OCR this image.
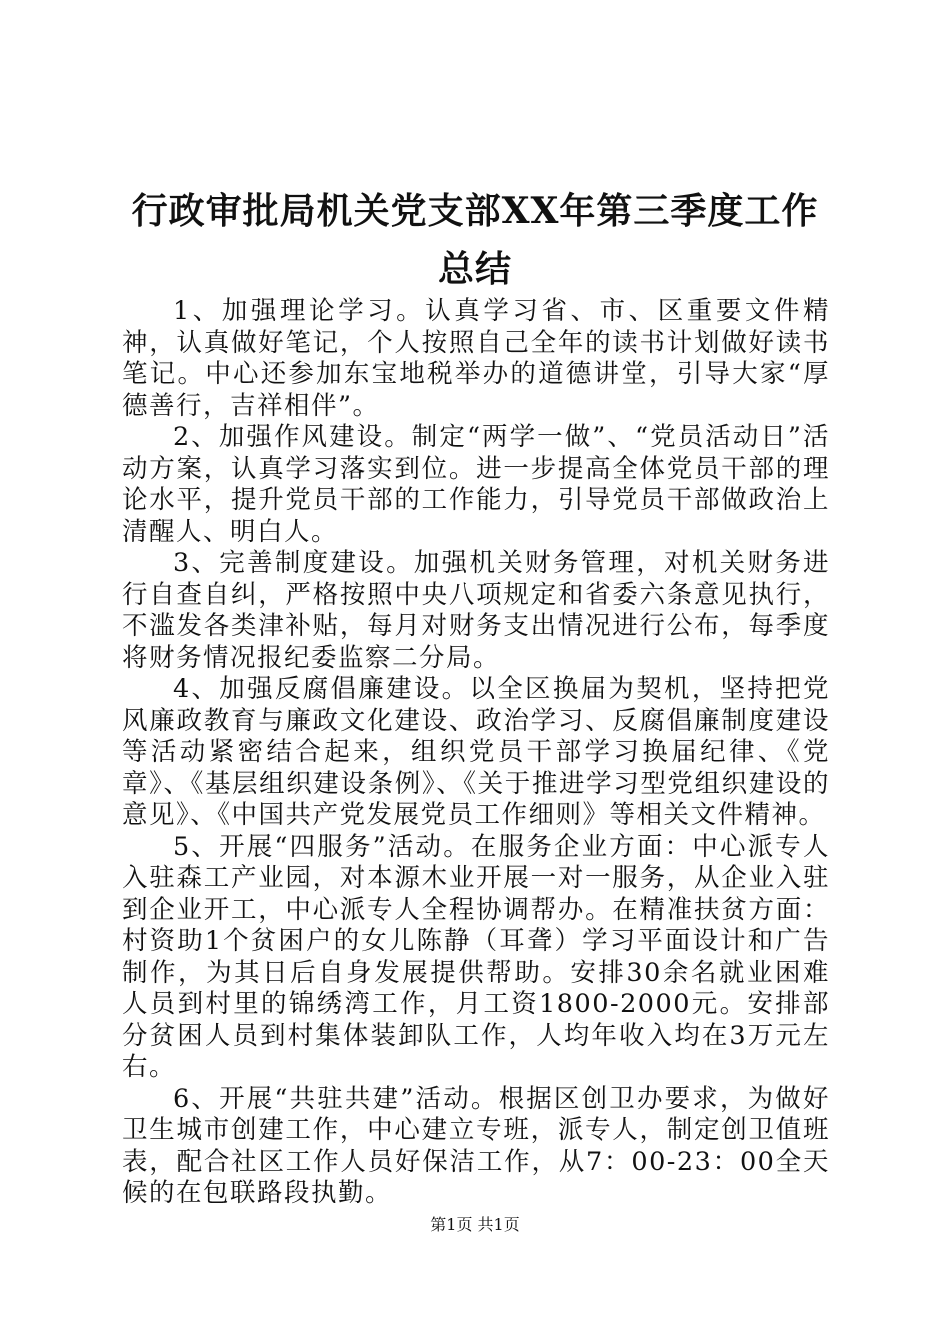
行政审批局机关党支部XX年第三季度工作总结

1、加强理论学习。认真学习省、市、区重要文件精神，认真做好笔记，个人按照自己全年的读书计划做好读书笔记。中心还参加东宝地税举办的道德讲堂，引导大家“厚德善行，吉祥相伴”。

2、加强作风建设。制定“两学一做”、“党员活动日”活动方案，认真学习落实到位。进一步提高全体党员干部的理论水平，提升党员干部的工作能力，引导党员干部做政治上清醒人、明白人。

3、完善制度建设。加强机关财务管理，对机关财务进行自查自纠，严格按照中央八项规定和省委六条意见执行，不滥发各类津补贴，每月对财务支出情况进行公布，每季度将财务情况报纪委监察二分局。

4、加强反腐倡廉建设。以全区换届为契机，坚持把党风廉政教育与廉政文化建设、政治学习、反腐倡廉制度建设等活动紧密结合起来，组织党员干部学习换届纪律、《党章》、《基层组织建设条例》、《关于推进学习型党组织建设的意见》、《中国共产党发展党员工作细则》等相关文件精神。

5、开展“四服务”活动。在服务企业方面：中心派专人入驻森工产业园，对本源木业开展一对一服务，从企业入驻到企业开工，中心派专人全程协调帮办。在精准扶贫方面：村资助1个贫困户的女儿陈静（耳聋）学习平面设计和广告制作，为其日后自身发展提供帮助。安排30余名就业困难人员到村里的锦绣湾工作，月工资1800-2000元。安排部分贫困人员到村集体装卸队工作，人均年收入均在3万元左右。

6、开展“共驻共建”活动。根据区创卫办要求，为做好卫生城市创建工作，中心建立专班，派专人，制定创卫值班表，配合社区工作人员好保洁工作，从7：00-23：00全天候的在包联路段执勤。

第1页 共1页
